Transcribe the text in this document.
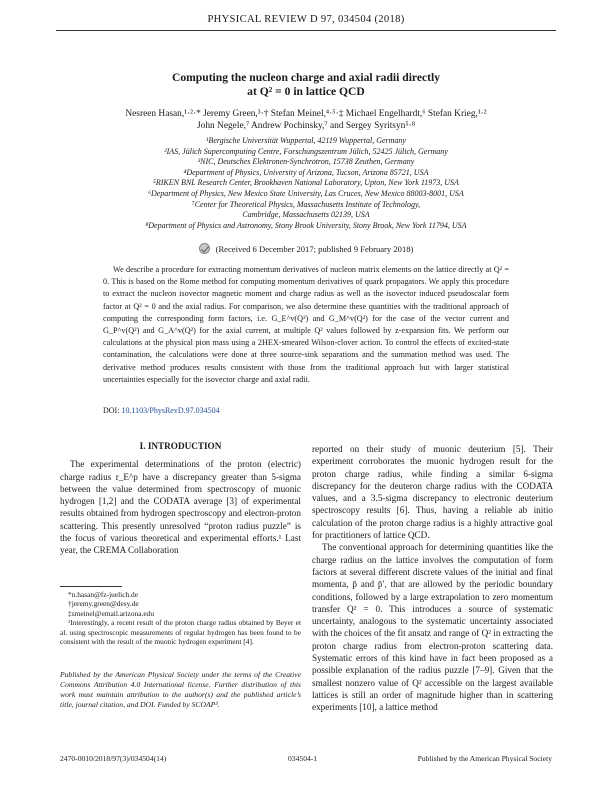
PHYSICAL REVIEW D 97, 034504 (2018)
Computing the nucleon charge and axial radii directly
at Q² = 0 in lattice QCD
Nesreen Hasan,¹·²·* Jeremy Green,³·† Stefan Meinel,⁴·⁵·‡ Michael Engelhardt,⁶ Stefan Krieg,¹·²
John Negele,⁷ Andrew Pochinsky,⁷ and Sergey Syritsyn⁵·⁸
¹Bergische Universität Wuppertal, 42119 Wuppertal, Germany
²IAS, Jülich Supercomputing Centre, Forschungszentrum Jülich, 52425 Jülich, Germany
³NIC, Deutsches Elektronen-Synchrotron, 15738 Zeuthen, Germany
⁴Department of Physics, University of Arizona, Tucson, Arizona 85721, USA
⁵RIKEN BNL Research Center, Brookhaven National Laboratory, Upton, New York 11973, USA
⁶Department of Physics, New Mexico State University, Las Cruces, New Mexico 88003-8001, USA
⁷Center for Theoretical Physics, Massachusetts Institute of Technology,
Cambridge, Massachusetts 02139, USA
⁸Department of Physics and Astronomy, Stony Brook University, Stony Brook, New York 11794, USA
(Received 6 December 2017; published 9 February 2018)
We describe a procedure for extracting momentum derivatives of nucleon matrix elements on the lattice directly at Q² = 0. This is based on the Rome method for computing momentum derivatives of quark propagators. We apply this procedure to extract the nucleon isovector magnetic moment and charge radius as well as the isovector induced pseudoscalar form factor at Q² = 0 and the axial radius. For comparison, we also determine these quantities with the traditional approach of computing the corresponding form factors, i.e. G_E^v(Q²) and G_M^v(Q²) for the case of the vector current and G_P^v(Q²) and G_A^v(Q²) for the axial current, at multiple Q² values followed by z-expansion fits. We perform our calculations at the physical pion mass using a 2HEX-smeared Wilson-clover action. To control the effects of excited-state contamination, the calculations were done at three source-sink separations and the summation method was used. The derivative method produces results consistent with those from the traditional approach but with larger statistical uncertainties especially for the isovector charge and axial radii.
DOI: 10.1103/PhysRevD.97.034504
I. INTRODUCTION
The experimental determinations of the proton (electric) charge radius r_E^p have a discrepancy greater than 5-sigma between the value determined from spectroscopy of muonic hydrogen [1,2] and the CODATA average [3] of experimental results obtained from hydrogen spectroscopy and electron-proton scattering. This presently unresolved “proton radius puzzle” is the focus of various theoretical and experimental efforts.¹ Last year, the CREMA Collaboration
*n.hasan@fz-juelich.de
†jeremy.green@desy.de
‡smeinel@email.arizona.edu
¹Interestingly, a recent result of the proton charge radius obtained by Beyer et al. using spectroscopic measurements of regular hydrogen has been found to be consistent with the result of the muonic hydrogen experiment [4].
Published by the American Physical Society under the terms of the Creative Commons Attribution 4.0 International license. Further distribution of this work must maintain attribution to the author(s) and the published article’s title, journal citation, and DOI. Funded by SCOAP³.
reported on their study of muonic deuterium [5]. Their experiment corroborates the muonic hydrogen result for the proton charge radius, while finding a similar 6-sigma discrepancy for the deuteron charge radius with the CODATA values, and a 3.5-sigma discrepancy to electronic deuterium spectroscopy results [6]. Thus, having a reliable ab initio calculation of the proton charge radius is a highly attractive goal for practitioners of lattice QCD.
The conventional approach for determining quantities like the charge radius on the lattice involves the computation of form factors at several different discrete values of the initial and final momenta, p̄ and p̄′, that are allowed by the periodic boundary conditions, followed by a large extrapolation to zero momentum transfer Q² = 0. This introduces a source of systematic uncertainty, analogous to the systematic uncertainty associated with the choices of the fit ansatz and range of Q² in extracting the proton charge radius from electron-proton scattering data. Systematic errors of this kind have in fact been proposed as a possible explanation of the radius puzzle [7–9]. Given that the smallest nonzero value of Q² accessible on the largest available lattices is still an order of magnitude higher than in scattering experiments [10], a lattice method
2470-0010/2018/97(3)/034504(14)	034504-1	Published by the American Physical Society
